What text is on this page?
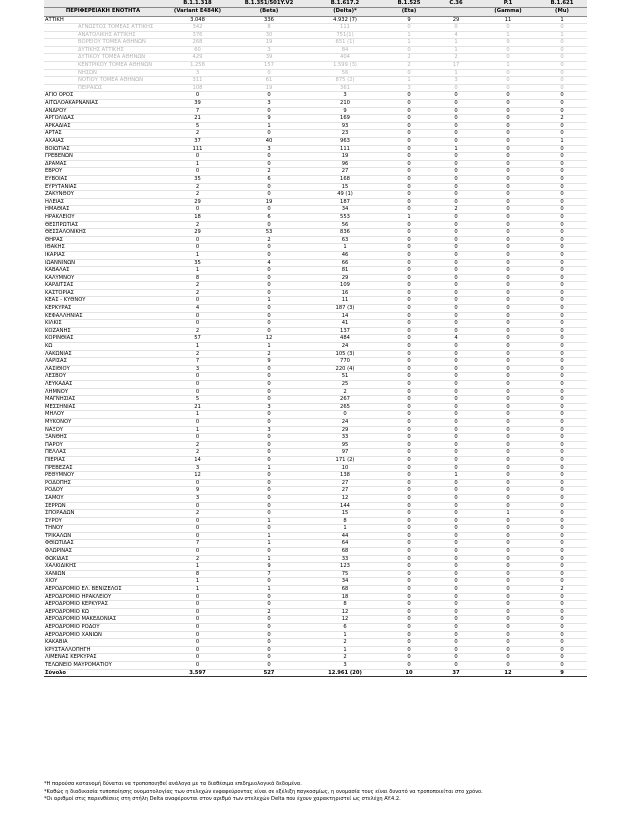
	B.1.1.318	B.1.351/501Y.V2	B.1.617.2	B.1.525	C.36	P.1	B.1.621
ΠΕΡΙΦΕΡΕΙΑΚΗ ΕΝΟΤΗΤΑ	(Variant E484K)	(Beta)	(Delta)*	(Eta)		(Gamma)	(Mu)
ΑΤΤΙΚΗ	3.048	336	4.932 (7)	9	29	11	1
ΑΓΝΩΣΤΟΣ ΤΟΜΕΑΣ ΑΤΤΙΚΗΣ	342	8	111	0	0	0	0
ΑΝΑΤΟΛΙΚΗΣ ΑΤΤΙΚΗΣ	376	30	751(1)	1	4	1	1
ΒΟΡΕΙΟΥ ΤΟΜΕΑ ΑΘΗΝΩΝ	268	19	651 (1)	1	1	9	0
ΔΥΤΙΚΗΣ ΑΤΤΙΚΗΣ	60	3	84	0	1	0	0
ΔΥΤΙΚΟΥ ΤΟΜΕΑ ΑΘΗΝΩΝ	429	39	404	2	2	0	0
ΚΕΝΤΡΙΚΟΥ ΤΟΜΕΑ ΑΘΗΝΩΝ	1.258	157	1.599 (3)	2	17	1	0
ΝΗΣΩΝ	3	0	56	0	1	0	0
ΝΟΤΙΟΥ ΤΟΜΕΑ ΑΘΗΝΩΝ	311	61	875 (2)	1	3	0	0
ΠΕΙΡΑΙΩΣ	108	19	361	3	0	0	0
ΑΓΙΟ ΟΡΟΣ	0	0	3	0	0	0	0
ΑΙΤΩΛΟΑΚΑΡΝΑΝΙΑΣ	39	3	210	0	0	0	0
ΑΝΔΡΟΥ	7	0	9	0	0	0	0
ΑΡΓΟΛΙΔΑΣ	21	9	169	0	0	0	2
ΑΡΚΑΔΙΑΣ	5	1	93	0	0	0	0
ΑΡΤΑΣ	2	0	23	0	0	0	0
ΑΧΑΪΑΣ	37	40	963	0	0	0	1
ΒΟΙΩΤΙΑΣ	111	3	111	0	1	0	0
ΓΡΕΒΕΝΩΝ	0	0	19	0	0	0	0
ΔΡΑΜΑΣ	1	0	96	0	0	0	0
ΕΒΡΟΥ	0	2	27	0	0	0	0
ΕΥΒΟΙΑΣ	35	6	168	0	0	0	0
ΕΥΡΥΤΑΝΙΑΣ	2	0	15	0	0	0	0
ΖΑΚΥΝΘΟΥ	2	0	49 (1)	0	0	0	0
ΗΛΕΙΑΣ	29	19	187	0	0	0	0
ΗΜΑΘΙΑΣ	0	0	34	0	2	0	0
ΗΡΑΚΛΕΙΟΥ	18	6	553	1	0	0	0
ΘΕΣΠΡΩΤΙΑΣ	2	0	56	0	0	0	0
ΘΕΣΣΑΛΟΝΙΚΗΣ	29	53	836	0	0	0	0
ΘΗΡΑΣ	0	2	63	0	0	0	0
ΙΘΑΚΗΣ	0	0	1	0	0	0	0
ΙΚΑΡΙΑΣ	1	0	46	0	0	0	0
ΙΩΑΝΝΙΝΩΝ	35	4	66	0	0	0	0
ΚΑΒΑΛΑΣ	1	0	81	0	0	0	0
ΚΑΛΥΜΝΟΥ	8	0	29	0	0	0	0
ΚΑΡΔΙΤΣΑΣ	2	0	109	0	0	0	0
ΚΑΣΤΟΡΙΑΣ	2	0	16	0	0	0	0
ΚΕΑΣ - ΚΥΘΝΟΥ	0	1	11	0	0	0	0
ΚΕΡΚΥΡΑΣ	4	0	187 (3)	0	0	0	0
ΚΕΦΑΛΛΗΝΙΑΣ	0	0	14	0	0	0	0
ΚΙΛΚΙΣ	0	0	41	0	0	0	0
ΚΟΖΑΝΗΣ	2	0	137	0	0	0	0
ΚΟΡΙΝΘΙΑΣ	57	12	484	0	4	0	0
ΚΩ	1	1	24	0	0	0	0
ΛΑΚΩΝΙΑΣ	2	2	105 (3)	0	0	0	0
ΛΑΡΙΣΑΣ	7	9	770	0	0	0	0
ΛΑΣΙΘΙΟΥ	3	0	220 (4)	0	0	0	0
ΛΕΣΒΟΥ	0	0	51	0	0	0	0
ΛΕΥΚΑΔΑΣ	0	0	25	0	0	0	0
ΛΗΜΝΟΥ	0	0	2	0	0	0	0
ΜΑΓΝΗΣΙΑΣ	5	0	267	0	0	0	0
ΜΕΣΣΗΝΙΑΣ	21	3	265	0	0	0	0
ΜΗΛΟΥ	1	0	0	0	0	0	0
ΜΥΚΟΝΟΥ	0	0	24	0	0	0	0
ΝΑΞΟΥ	1	3	29	0	0	0	0
ΞΑΝΘΗΣ	0	0	33	0	0	0	0
ΠΑΡΟΥ	2	0	95	0	0	0	0
ΠΕΛΛΑΣ	2	0	97	0	0	0	0
ΠΙΕΡΙΑΣ	14	0	171 (2)	0	0	0	0
ΠΡΕΒΕΖΑΣ	3	1	10	0	0	0	0
ΡΕΘΥΜΝΟΥ	12	0	138	0	1	0	0
ΡΟΔΟΠΗΣ	0	0	27	0	0	0	0
ΡΟΔΟΥ	9	0	27	0	0	0	0
ΣΑΜΟΥ	3	0	12	0	0	0	0
ΣΕΡΡΩΝ	0	0	144	0	0	0	0
ΣΠΟΡΑΔΩΝ	2	0	15	0	0	1	0
ΣΥΡΟΥ	0	1	8	0	0	0	0
ΤΗΝΟΥ	0	0	1	0	0	0	0
ΤΡΙΚΑΛΩΝ	0	1	44	0	0	0	0
ΦΘΙΩΤΙΔΑΣ	7	1	64	0	0	0	0
ΦΛΩΡΙΝΑΣ	0	0	68	0	0	0	0
ΦΩΚΙΔΑΣ	2	1	33	0	0	0	0
ΧΑΛΚΙΔΙΚΗΣ	1	9	123	0	0	0	0
ΧΑΝΙΩΝ	8	7	75	0	0	0	0
ΧΙΟΥ	1	0	34	0	0	0	0
ΑΕΡΟΔΡΟΜΙΟ ΕΛ. ΒΕΝΙΖΕΛΟΣ	1	1	68	0	0	0	2
ΑΕΡΟΔΡΟΜΙΟ ΗΡΑΚΛΕΙΟΥ	0	0	18	0	0	0	0
ΑΕΡΟΔΡΟΜΙΟ ΚΕΡΚΥΡΑΣ	0	0	8	0	0	0	0
ΑΕΡΟΔΡΟΜΙΟ ΚΩ	0	2	12	0	0	0	0
ΑΕΡΟΔΡΟΜΙΟ ΜΑΚΕΔΟΝΙΑΣ	0	0	12	0	0	0	0
ΑΕΡΟΔΡΟΜΙΟ ΡΟΔΟΥ	0	0	6	0	0	0	0
ΑΕΡΟΔΡΟΜΙΟ ΧΑΝΙΩΝ	0	0	1	0	0	0	0
ΚΑΚΑΒΙΑ	0	0	2	0	0	0	0
ΚΡΥΣΤΑΛΛΟΠΗΓΗ	0	0	1	0	0	0	0
ΛΙΜΕΝΑΣ ΚΕΡΚΥΡΑΣ	0	0	2	0	0	0	0
ΤΕΛΩΝΕΙΟ ΜΑΥΡΟΜΑΤΙΟΥ	0	0	3	0	0	0	0
Σύνολο	3.597	527	12.961 (20)	10	37	12	9
*Η παρούσα κατανομή δύναται να τροποποιηθεί ανάλογα με τα διαθέσιμα επιδημιολογικά δεδομένα.
*Καθώς η διαδικασία τυποποίησης ονοματολογίας των στελεχών ενφαφεύροντας είναι σε εξέλιξη παγκοσμίως, η ονομασία τους είναι δυνατό να τροποποιείται στο χρόνο.
*Οι αριθμοί στις παρενθέσεις στη στήλη Delta αναφέρονται στον αριθμό των στελεχών Delta που έχουν χαρακτηριστεί ως στελέχη AY.4.2.
